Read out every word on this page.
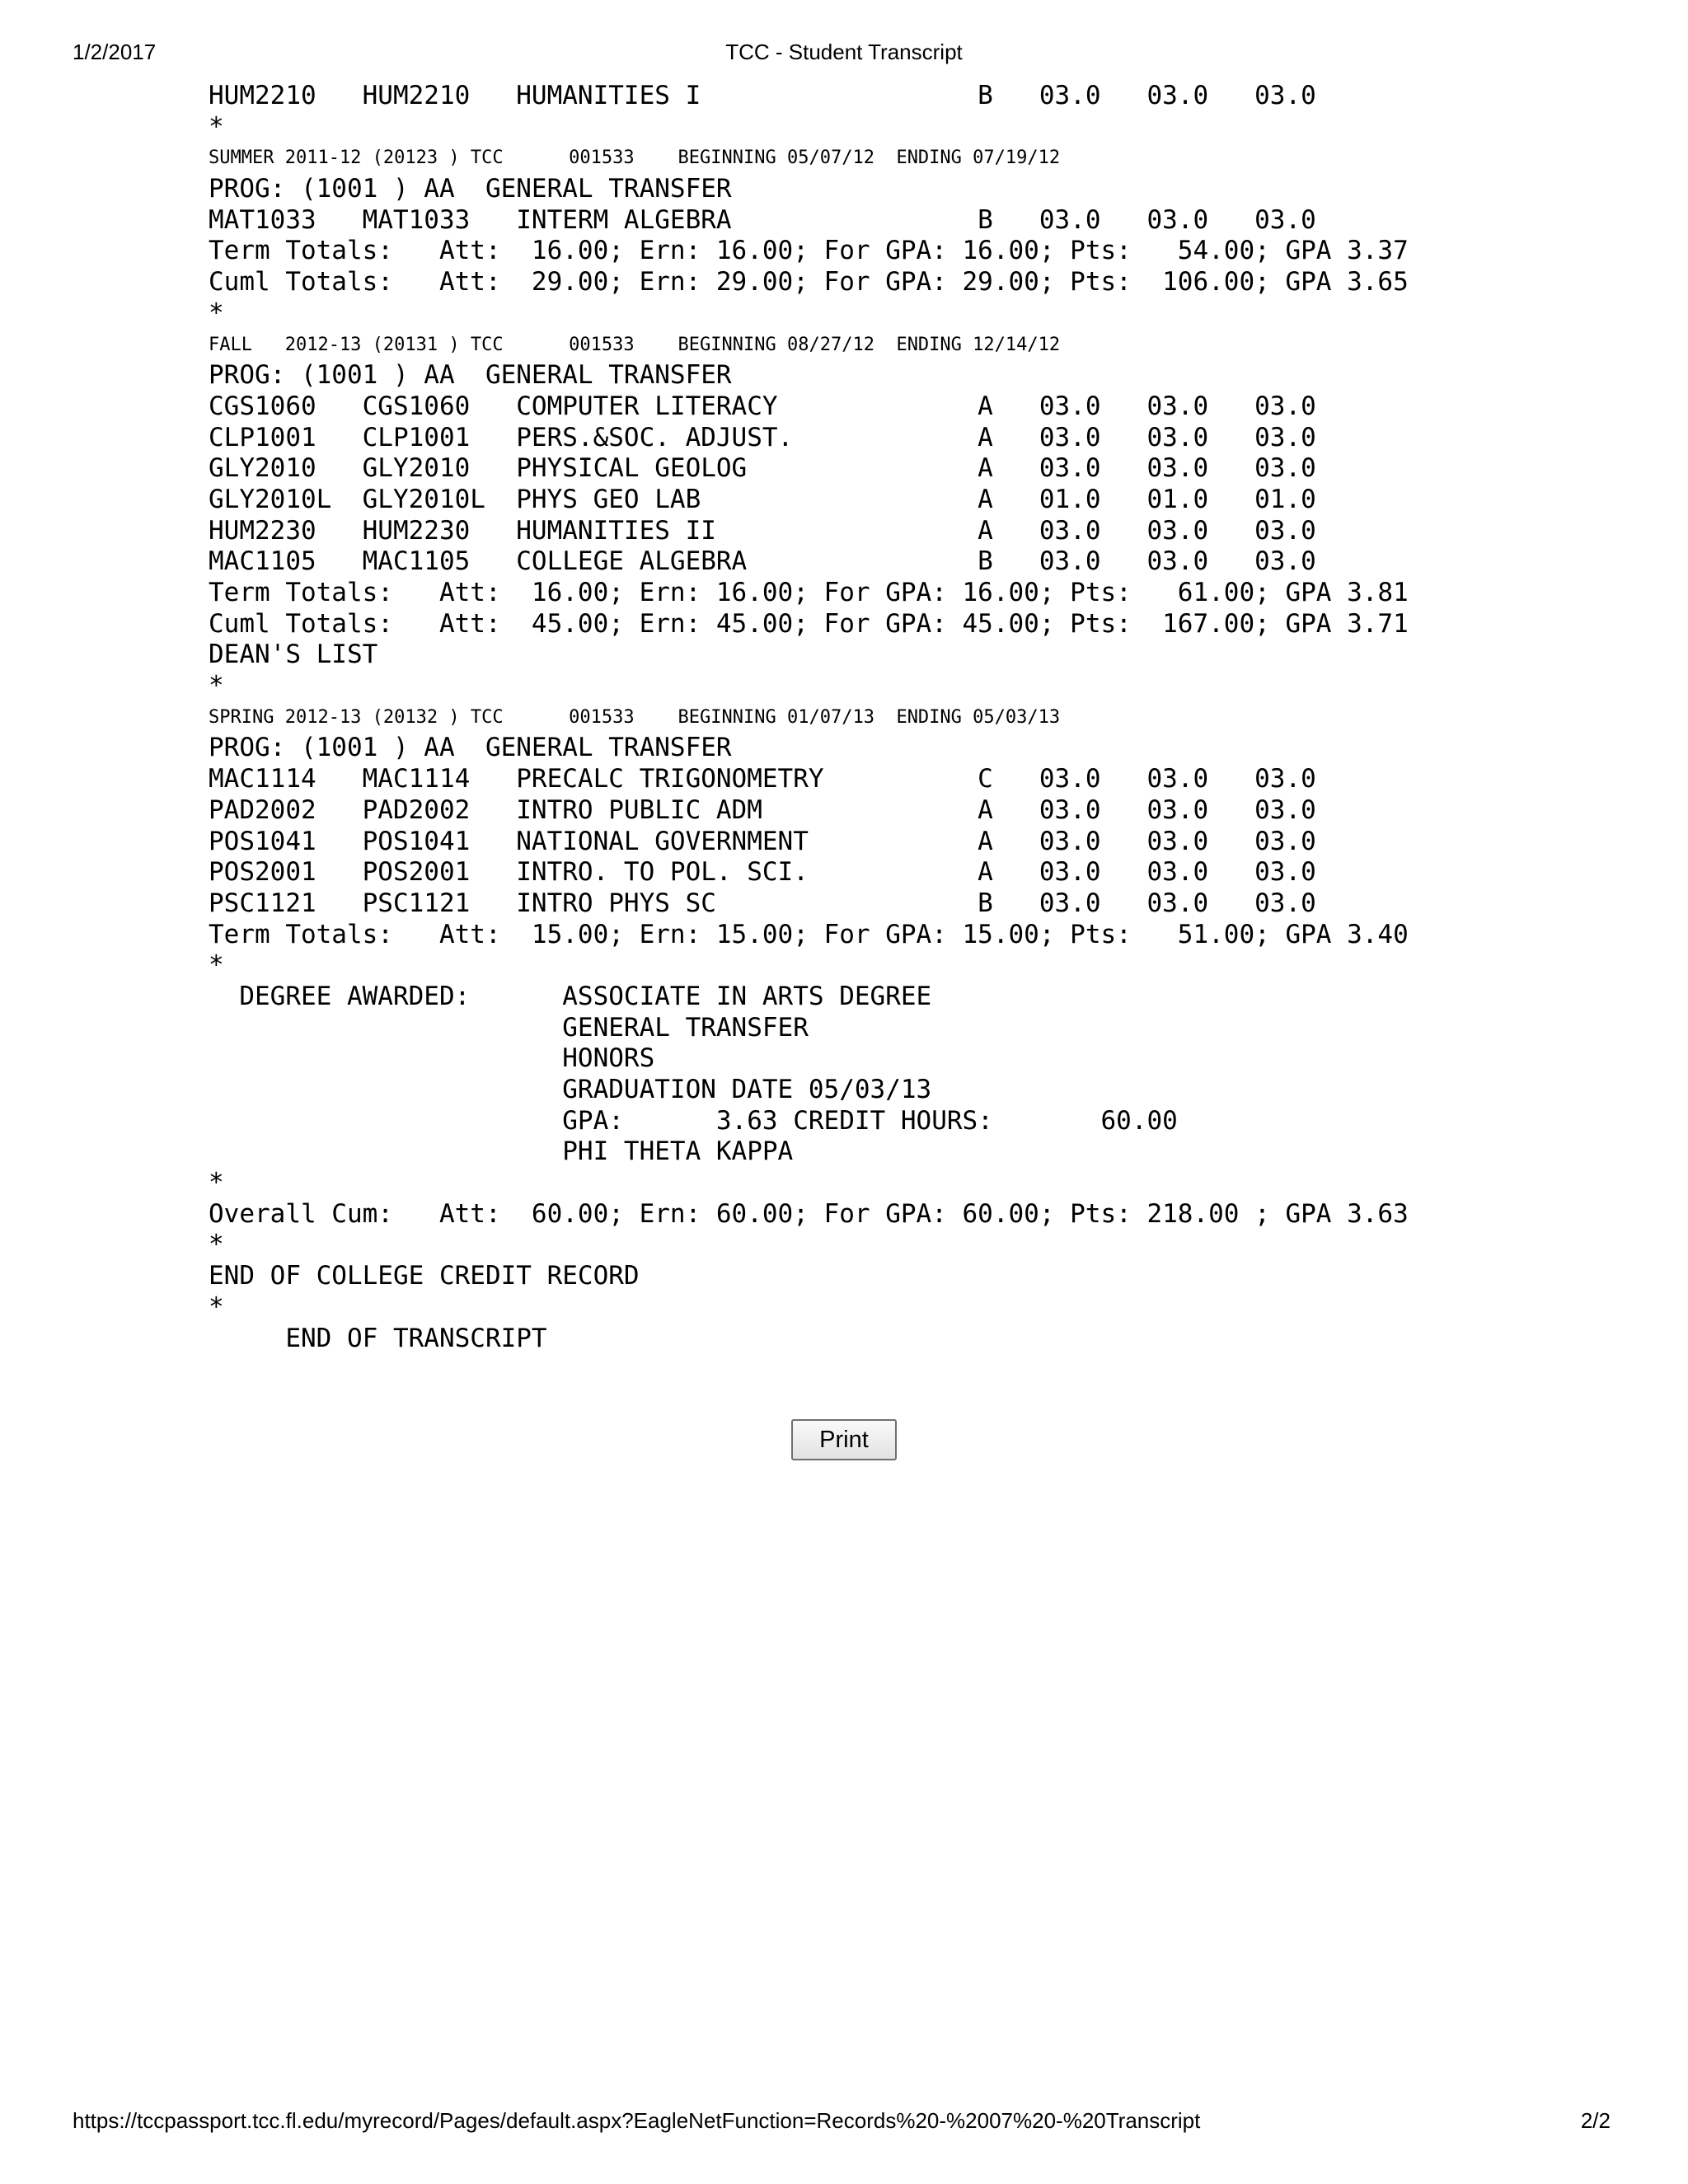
1/2/2017	TCC - Student Transcript
HUM2210   HUM2210   HUMANITIES I                  B   03.0   03.0   03.0
*
SUMMER 2011-12 (20123 ) TCC      001533    BEGINNING 05/07/12  ENDING 07/19/12
PROG: (1001 ) AA  GENERAL TRANSFER
MAT1033   MAT1033   INTERM ALGEBRA                B   03.0   03.0   03.0
Term Totals:   Att:  16.00; Ern: 16.00; For GPA: 16.00; Pts:   54.00; GPA 3.37
Cuml Totals:   Att:  29.00; Ern: 29.00; For GPA: 29.00; Pts:  106.00; GPA 3.65
*
FALL   2012-13 (20131 ) TCC      001533    BEGINNING 08/27/12  ENDING 12/14/12
PROG: (1001 ) AA  GENERAL TRANSFER
CGS1060   CGS1060   COMPUTER LITERACY             A   03.0   03.0   03.0
CLP1001   CLP1001   PERS.&SOC. ADJUST.            A   03.0   03.0   03.0
GLY2010   GLY2010   PHYSICAL GEOLOG               A   03.0   03.0   03.0
GLY2010L  GLY2010L  PHYS GEO LAB                  A   01.0   01.0   01.0
HUM2230   HUM2230   HUMANITIES II                 A   03.0   03.0   03.0
MAC1105   MAC1105   COLLEGE ALGEBRA               B   03.0   03.0   03.0
Term Totals:   Att:  16.00; Ern: 16.00; For GPA: 16.00; Pts:   61.00; GPA 3.81
Cuml Totals:   Att:  45.00; Ern: 45.00; For GPA: 45.00; Pts:  167.00; GPA 3.71
DEAN'S LIST
*
SPRING 2012-13 (20132 ) TCC      001533    BEGINNING 01/07/13  ENDING 05/03/13
PROG: (1001 ) AA  GENERAL TRANSFER
MAC1114   MAC1114   PRECALC TRIGONOMETRY          C   03.0   03.0   03.0
PAD2002   PAD2002   INTRO PUBLIC ADM              A   03.0   03.0   03.0
POS1041   POS1041   NATIONAL GOVERNMENT           A   03.0   03.0   03.0
POS2001   POS2001   INTRO. TO POL. SCI.           A   03.0   03.0   03.0
PSC1121   PSC1121   INTRO PHYS SC                 B   03.0   03.0   03.0
Term Totals:   Att:  15.00; Ern: 15.00; For GPA: 15.00; Pts:   51.00; GPA 3.40
*
DEGREE AWARDED:      ASSOCIATE IN ARTS DEGREE
GENERAL TRANSFER
HONORS
GRADUATION DATE 05/03/13
GPA:      3.63 CREDIT HOURS:       60.00
PHI THETA KAPPA
*
Overall Cum:   Att:  60.00; Ern: 60.00; For GPA: 60.00; Pts: 218.00 ; GPA 3.63
*
END OF COLLEGE CREDIT RECORD
*
END OF TRANSCRIPT
Print
https://tccpassport.tcc.fl.edu/myrecord/Pages/default.aspx?EagleNetFunction=Records%20-%2007%20-%20Transcript	2/2
